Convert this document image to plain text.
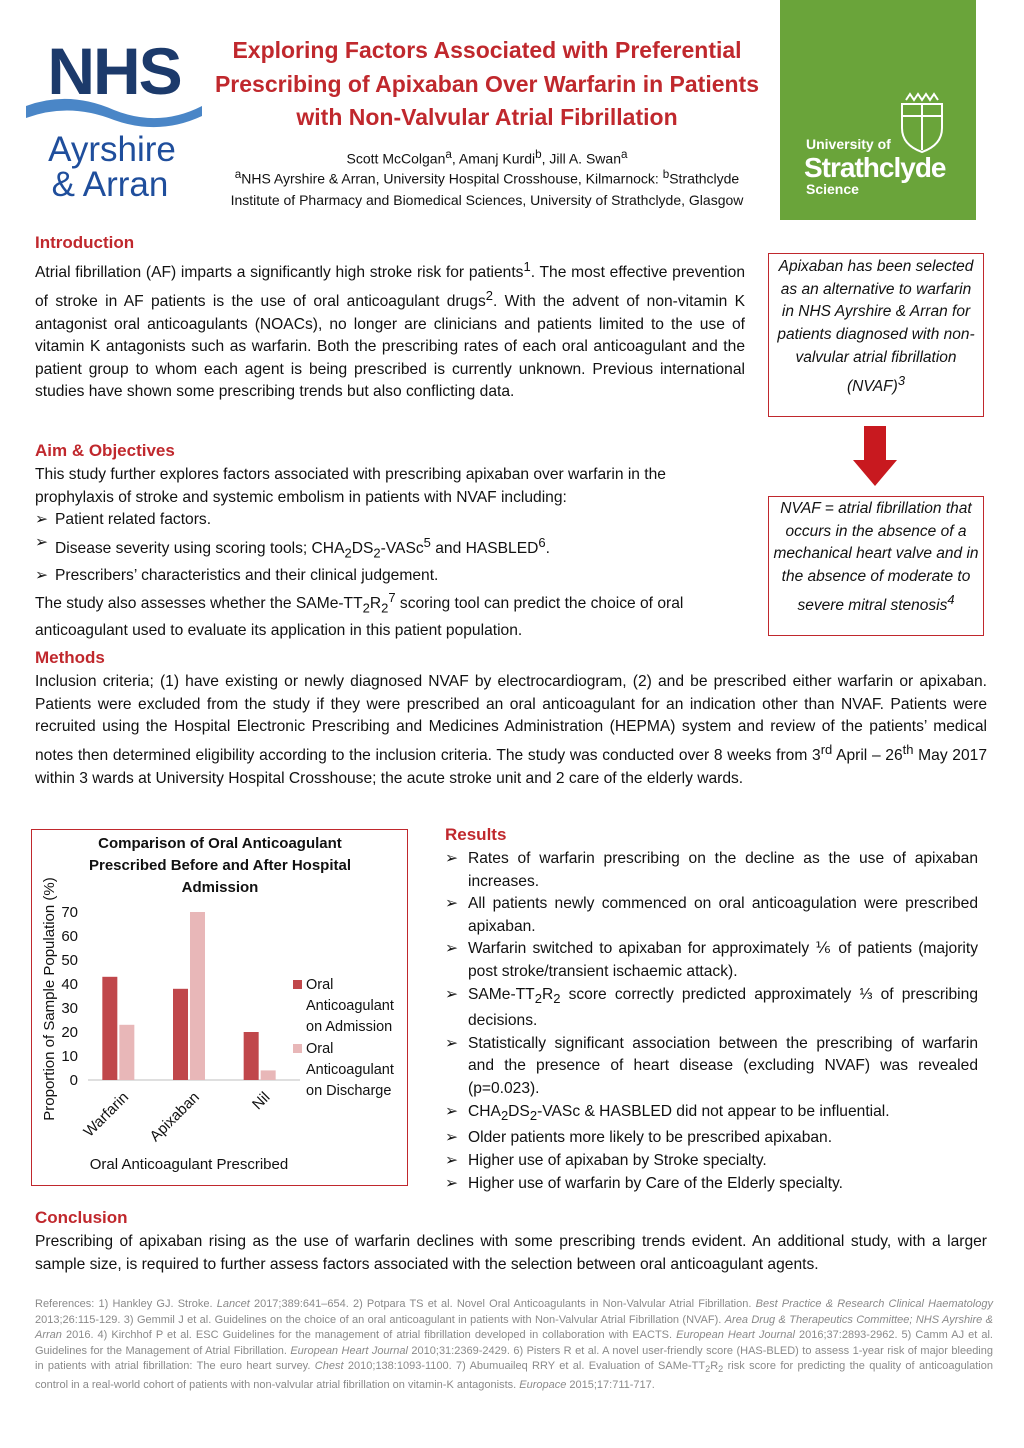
NHS
Ayrshire
& Arran
University of
Strathclyde
Science
Exploring Factors Associated with Preferential Prescribing of Apixaban Over Warfarin in Patients with Non-Valvular Atrial Fibrillation
Scott McColgan$^a$, Amanj Kurdi$^b$, Jill A. Swan$^a$
$^a$NHS Ayrshire & Arran, University Hospital Crosshouse, Kilmarnock: $^b$Strathclyde Institute of Pharmacy and Biomedical Sciences, University of Strathclyde, Glasgow
Introduction
Atrial fibrillation (AF) imparts a significantly high stroke risk for patients$^1$. The most effective prevention of stroke in AF patients is the use of oral anticoagulant drugs$^2$. With the advent of non-vitamin K antagonist oral anticoagulants (NOACs), no longer are clinicians and patients limited to the use of vitamin K antagonists such as warfarin. Both the prescribing rates of each oral anticoagulant and the patient group to whom each agent is being prescribed is currently unknown. Previous international studies have shown some prescribing trends but also conflicting data.
Apixaban has been selected as an alternative to warfarin in NHS Ayrshire & Arran for patients diagnosed with non-valvular atrial fibrillation (NVAF)$^3$
NVAF = atrial fibrillation that occurs in the absence of a mechanical heart valve and in the absence of moderate to severe mitral stenosis$^4$
Aim & Objectives
This study further explores factors associated with prescribing apixaban over warfarin in the prophylaxis of stroke and systemic embolism in patients with NVAF including:
➢ Patient related factors.
➢ Disease severity using scoring tools; $CHA_2DS_2-VASc^5$ and HASBLED$^6$.
➢ Prescribers’ characteristics and their clinical judgement.
The study also assesses whether the SAMe-$TT_2R_2^7$ scoring tool can predict the choice of oral anticoagulant used to evaluate its application in this patient population.
Methods
Inclusion criteria; (1) have existing or newly diagnosed NVAF by electrocardiogram, (2) and be prescribed either warfarin or apixaban. Patients were excluded from the study if they were prescribed an oral anticoagulant for an indication other than NVAF. Patients were recruited using the Hospital Electronic Prescribing and Medicines Administration (HEPMA) system and review of the patients’ medical notes then determined eligibility according to the inclusion criteria. The study was conducted over 8 weeks from 3rd April – 26th May 2017 within 3 wards at University Hospital Crosshouse; the acute stroke unit and 2 care of the elderly wards.
Comparison of Oral Anticoagulant Prescribed Before and After Hospital Admission
Proportion of Sample Population (%) 0
10
20
30
40
50
60
70
Warfarin Apixaban	Nil
Oral Anticoagulant Prescribed
Oral
Anticoagulant
on Admission
Oral
Anticoagulant
on Discharge
Results
➢ Rates of warfarin prescribing on the decline as the use of apixaban increases.
➢ All patients newly commenced on oral anticoagulation were prescribed apixaban.
➢ Warfarin switched to apixaban for approximately ⅙ of patients (majority post stroke/transient ischaemic attack).
➢ SAMe-$TT_2R_2$ score correctly predicted approximately ⅓ of prescribing decisions.
➢ Statistically significant association between the prescribing of warfarin and the presence of heart disease (excluding NVAF) was revealed (p=0.023).
➢ $CHA_2DS_2$-VASc & HASBLED did not appear to be influential.
➢ Older patients more likely to be prescribed apixaban.
➢ Higher use of apixaban by Stroke specialty.
➢ Higher use of warfarin by Care of the Elderly specialty.
Conclusion
Prescribing of apixaban rising as the use of warfarin declines with some prescribing trends evident. An additional study, with a larger sample size, is required to further assess factors associated with the selection between oral anticoagulant agents.
References: 1) Hankley GJ. Stroke. Lancet 2017;389:641–654. 2) Potpara TS et al. Novel Oral Anticoagulants in Non-Valvular Atrial Fibrillation. Best Practice & Research Clinical Haematology 2013;26:115-129. 3) Gemmil J et al. Guidelines on the choice of an oral anticoagulant in patients with Non-Valvular Atrial Fibrillation (NVAF). Area Drug & Therapeutics Committee; NHS Ayrshire & Arran 2016. 4) Kirchhof P et al. ESC Guidelines for the management of atrial fibrillation developed in collaboration with EACTS. European Heart Journal 2016;37:2893-2962. 5) Camm AJ et al. Guidelines for the Management of Atrial Fibrillation. European Heart Journal 2010;31:2369-2429. 6) Pisters R et al. A novel user-friendly score (HAS-BLED) to assess 1-year risk of major bleeding in patients with atrial fibrillation: The euro heart survey. Chest 2010;138:1093-1100. 7) Abumuaileq RRY et al. Evaluation of SAMe-$TT_2R_2$ risk score for predicting the quality of anticoagulation control in a real-world cohort of patients with non-valvular atrial fibrillation on vitamin-K antagonists. Europace 2015;17:711-717.
